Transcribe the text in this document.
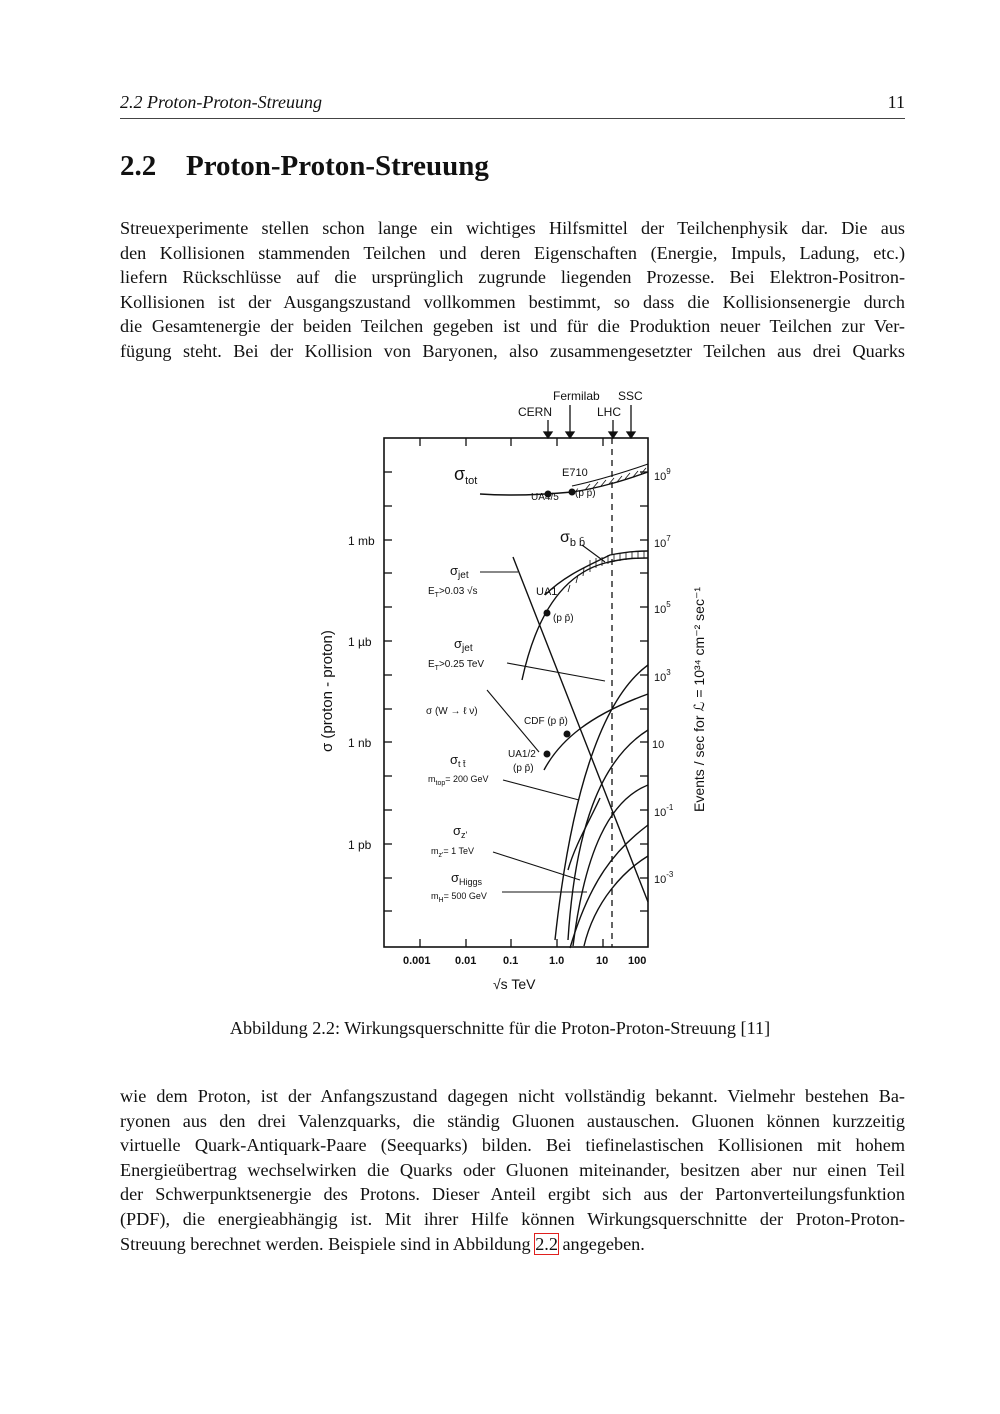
2.2 Proton-Proton-Streuung	11
2.2 Proton-Proton-Streuung

Streuexperimente stellen schon lange ein wichtiges Hilfsmittel der Teilchenphysik dar. Die aus
den Kollisionen stammenden Teilchen und deren Eigenschaften (Energie, Impuls, Ladung, etc.)
liefern Rückschlüsse auf die ursprünglich zugrunde liegenden Prozesse. Bei Elektron-Positron-
Kollisionen ist der Ausgangszustand vollkommen bestimmt, so dass die Kollisionsenergie durch
die Gesamtenergie der beiden Teilchen gegeben ist und für die Produktion neuer Teilchen zur Ver-
fügung steht. Bei der Kollision von Baryonen, also zusammengesetzter Teilchen aus drei Quarks

Fermilab SSC
CERN	LHC
1 mb
1 µb
1 nb
1 pb
σ (proton - proton)
$10^9$
$10^7$
$10^5$
$10^3$
10
$10^{-1}$
$10^{-3}$
Events / sec for ℒ = 10³⁴ cm⁻² sec⁻¹
0.001 0.01 0.1	1.0	10 100
√s TeV
$\sigma_{tot}$
E710
(p p̄)
UA4/5
$\sigma_{b b̄}$
$\sigma_{jet}$
$E_T>0.03$ √s	UA1
(p p̄)
$\sigma_{jet}$
$E_T>0.25$ TeV
σ (W → ℓ ν)
CDF (p p̄)
UA1/2
(p p̄)
$\sigma_{t t̄}$
$m_{top}= 200$ GeV
$\sigma_{z'}$
$m_{z'}= 1$ TeV
$\sigma_{Higgs}$
$m_H= 500$ GeV

Abbildung 2.2: Wirkungsquerschnitte für die Proton-Proton-Streuung [11]

wie dem Proton, ist der Anfangszustand dagegen nicht vollständig bekannt. Vielmehr bestehen Ba-
ryonen aus den drei Valenzquarks, die ständig Gluonen austauschen. Gluonen können kurzzeitig
virtuelle Quark-Antiquark-Paare (Seequarks) bilden. Bei tiefinelastischen Kollisionen mit hohem
Energieübertrag wechselwirken die Quarks oder Gluonen miteinander, besitzen aber nur einen Teil
der Schwerpunktsenergie des Protons. Dieser Anteil ergibt sich aus der Partonverteilungsfunktion
(PDF), die energieabhängig ist. Mit ihrer Hilfe können Wirkungsquerschnitte der Proton-Proton-
Streuung berechnet werden. Beispiele sind in Abbildung 2.2 angegeben.
